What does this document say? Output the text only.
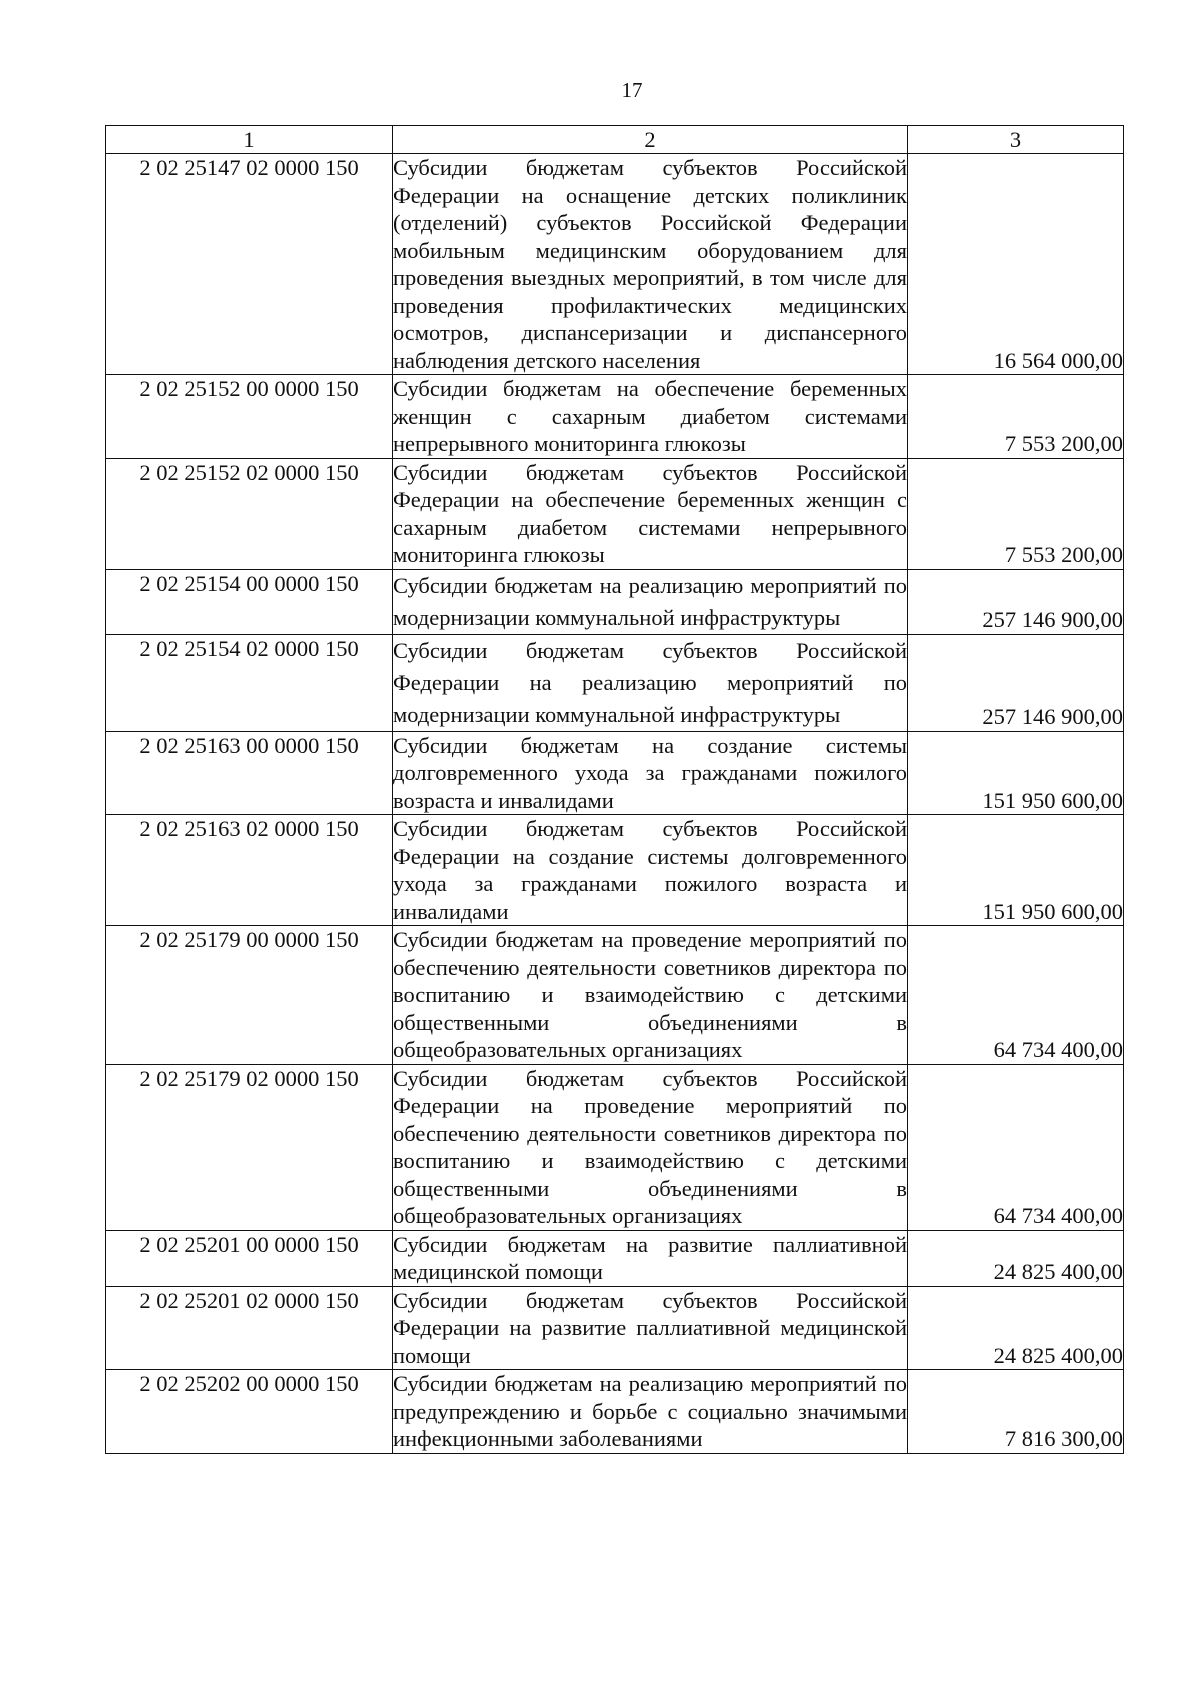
17
1	2	3
2 02 25147 02 0000 150	Субсидии бюджетам субъектов Российской Федерации на оснащение детских поликлиник (отделений) субъектов Российской Федерации мобильным медицинским оборудованием для проведения выездных мероприятий, в том числе для проведения профилактических медицинских осмотров, диспансеризации и диспансерного наблюдения детского населения	16 564 000,00
2 02 25152 00 0000 150	Субсидии бюджетам на обеспечение беременных женщин с сахарным диабетом системами непрерывного мониторинга глюкозы	7 553 200,00
2 02 25152 02 0000 150	Субсидии бюджетам субъектов Российской Федерации на обеспечение беременных женщин с сахарным диабетом системами непрерывного мониторинга глюкозы	7 553 200,00
2 02 25154 00 0000 150	Субсидии бюджетам на реализацию мероприятий по модернизации коммунальной инфраструктуры	257 146 900,00
2 02 25154 02 0000 150	Субсидии бюджетам субъектов Российской Федерации на реализацию мероприятий по модернизации коммунальной инфраструктуры	257 146 900,00
2 02 25163 00 0000 150	Субсидии бюджетам на создание системы долговременного ухода за гражданами пожилого возраста и инвалидами	151 950 600,00
2 02 25163 02 0000 150	Субсидии бюджетам субъектов Российской Федерации на создание системы долговременного ухода за гражданами пожилого возраста и инвалидами	151 950 600,00
2 02 25179 00 0000 150	Субсидии бюджетам на проведение мероприятий по обеспечению деятельности советников директора по воспитанию и взаимодействию с детскими общественными объединениями в общеобразовательных организациях	64 734 400,00
2 02 25179 02 0000 150	Субсидии бюджетам субъектов Российской Федерации на проведение мероприятий по обеспечению деятельности советников директора по воспитанию и взаимодействию с детскими общественными объединениями в общеобразовательных организациях	64 734 400,00
2 02 25201 00 0000 150	Субсидии бюджетам на развитие паллиативной медицинской помощи	24 825 400,00
2 02 25201 02 0000 150	Субсидии бюджетам субъектов Российской Федерации на развитие паллиативной медицинской помощи	24 825 400,00
2 02 25202 00 0000 150	Субсидии бюджетам на реализацию мероприятий по предупреждению и борьбе с социально значимыми инфекционными заболеваниями	7 816 300,00
